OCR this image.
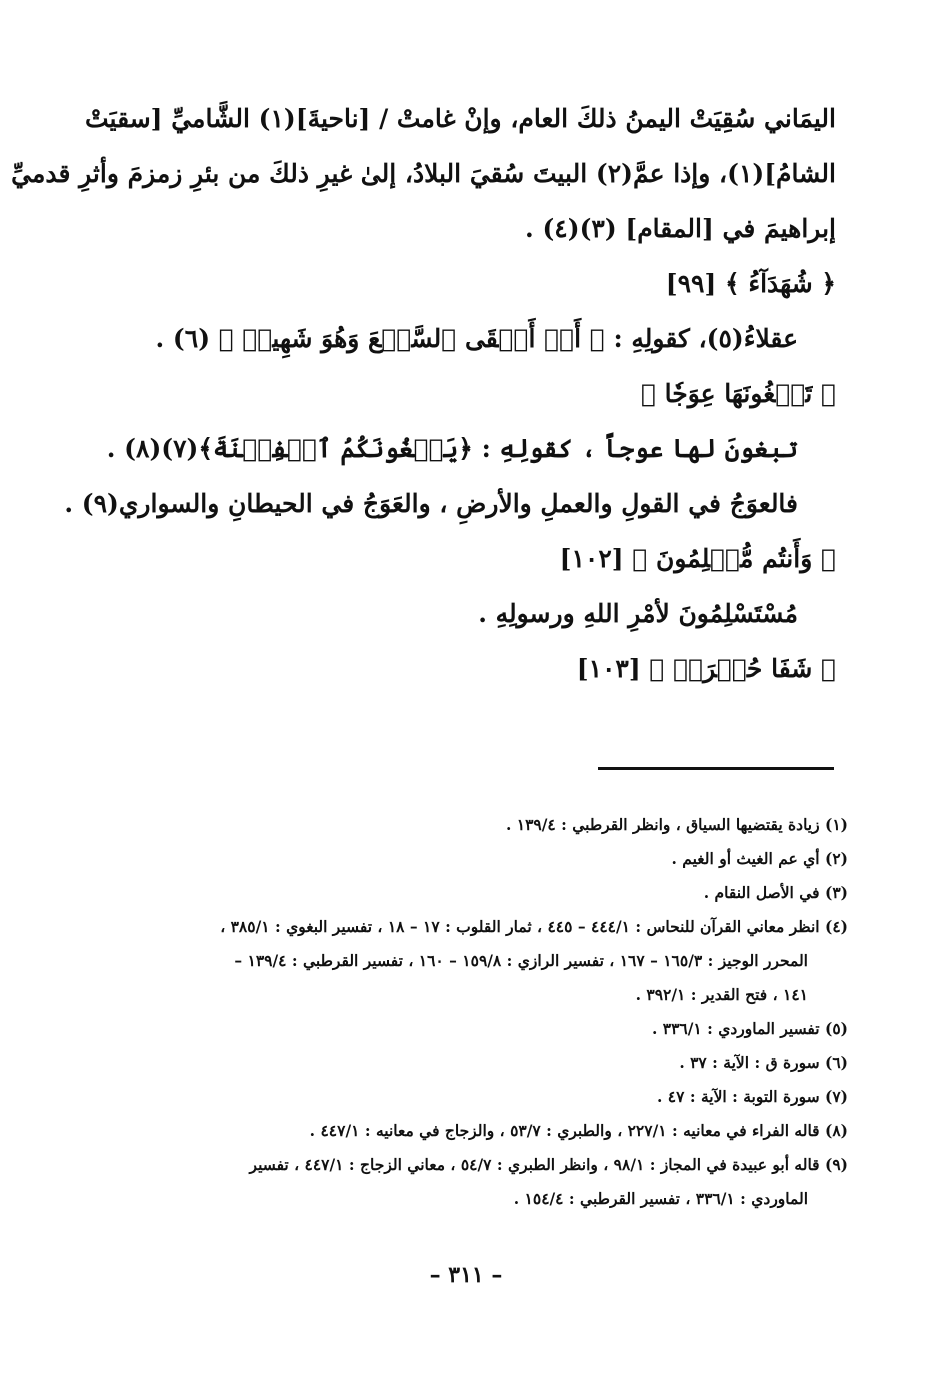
اليمَاني سُقِيَتْ اليمنُ ذلكَ العام، وإنْ غامتْ / [ناحيةَ](١) الشَّاميِّ [سقيَتْ
الشامُ](١)، وإذا عمَّ(٢) البيتَ سُقيَ البلادُ، إلىٰ غيرِ ذلكَ من بئرِ زمزمَ وأثرِ قدميِّ
إبراهيمَ في [المقام] (٣)(٤) .
﴿ شُهَدَآءُ ﴾ [٩٩]
عقلاءُ(٥)، كقولِهِ : ﴿ أَوۡ أَلۡقَى ٱلسَّمۡعَ وَهُوَ شَهِيدٞ ﴾ (٦) .
﴿ تَبۡغُونَهَا عِوَجٗا ﴾
تبغونَ لها عوجاً ، كقولِهِ : ﴿يَبۡغُونَكُمُ ٱلۡفِتۡنَةَ﴾(٧)(٨) .
فالعوَجُ في القولِ والعملِ والأرضِ ، والعَوَجُ في الحيطانِ والسواري(٩) .
﴿ وَأَنتُم مُّسۡلِمُونَ ﴾ [١٠٢]
مُسْتَسْلِمُونَ لأمْرِ اللهِ ورسولِهِ .
﴿ شَفَا حُفۡرَةٖ ﴾ [١٠٣]
(١) زيادة يقتضيها السياق ، وانظر القرطبي : ١٣٩/٤ .
(٢) أي عم الغيث أو الغيم .
(٣) في الأصل النقام .
(٤) انظر معاني القرآن للنحاس : ٤٤٤/١ – ٤٤٥ ، ثمار القلوب : ١٧ – ١٨ ، تفسير البغوي : ٣٨٥/١ ،
المحرر الوجيز : ١٦٥/٣ – ١٦٧ ، تفسير الرازي : ١٥٩/٨ – ١٦٠ ، تفسير القرطبي : ١٣٩/٤ –
١٤١ ، فتح القدير : ٣٩٢/١ .
(٥) تفسير الماوردي : ٣٣٦/١ .
(٦) سورة ق : الآية : ٣٧ .
(٧) سورة التوبة : الآية : ٤٧ .
(٨) قاله الفراء في معانيه : ٢٢٧/١ ، والطبري : ٥٣/٧ ، والزجاج في معانيه : ٤٤٧/١ .
(٩) قاله أبو عبيدة في المجاز : ٩٨/١ ، وانظر الطبري : ٥٤/٧ ، معاني الزجاج : ٤٤٧/١ ، تفسير
الماوردي : ٣٣٦/١ ، تفسير القرطبي : ١٥٤/٤ .
– ٣١١ –
